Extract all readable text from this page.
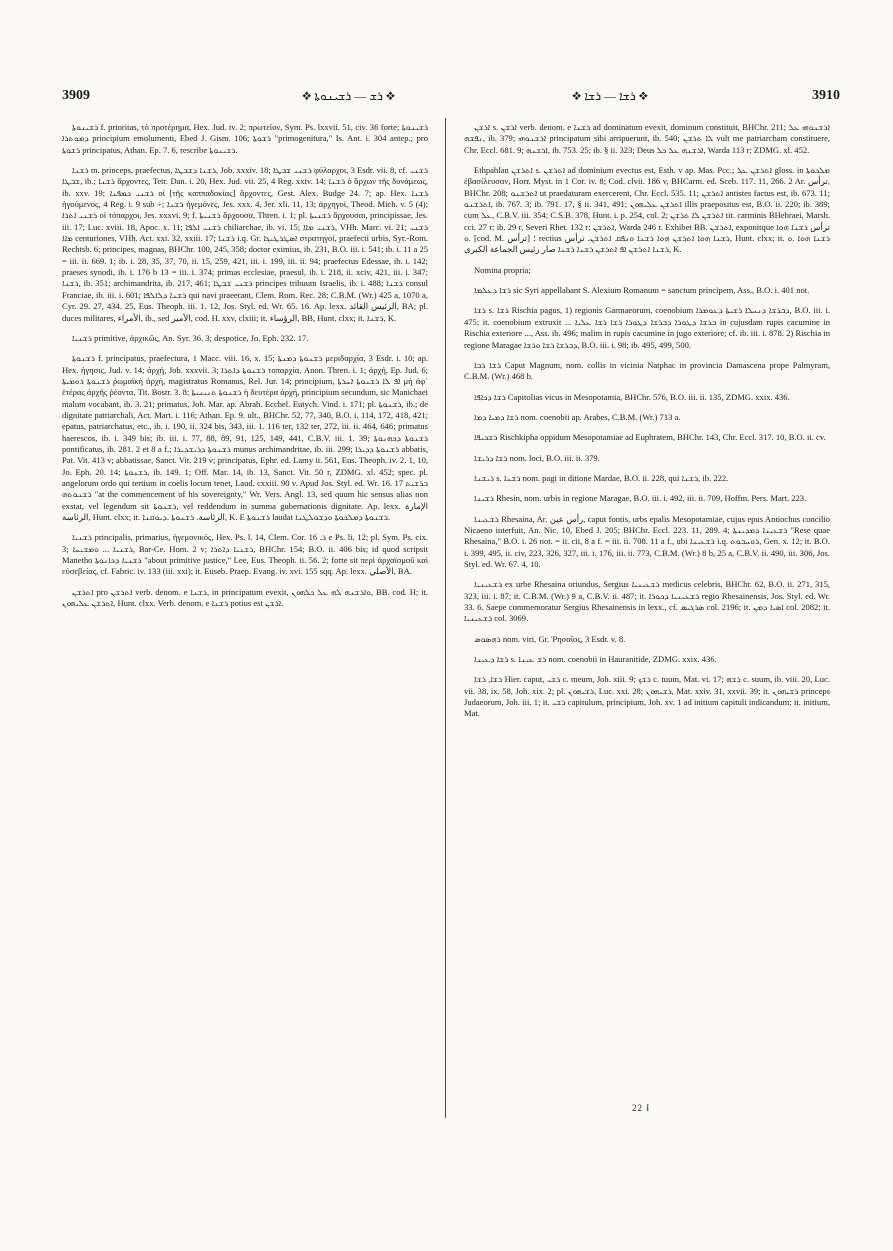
3909	❖ ܪܫ — ܪܫܝܢܘܬܐ ❖	❖ ܪܫܐ — ܪܫܐ ❖	3910

ܪܫܝܢܘܬܐ f. prioritas, τὸ προτέρημα, Hex. Jud. iv. 2; πρωτεῖον, Sym. Ps. lxxvii. 51, civ. 36 forte; ܪܫܝܢܘܬܐ ܕܡܘܬܪܐ principium emolumenti, Ebed J. Gism. 106; ܪܫܘܬܐ "primogenitura," Is. Ant. i. 304 antep.; pro ܪܫܘܬܐ principatus, Athan. Ep. 7. 6, rescribe ܪܫܝܢܘܬܐ.

ܪܫܢܐ m. princeps, praefectus, ܪܫܢܐ ܕܫܒܛܐ, Job. xxxiv. 18; ܪܫܢܝ ܫܒܛܐ φύλαρχοι, 3 Esdr. vii. 8, cf. ܪܫܢܝ ܫܒܛܐ, ib.; ܪܫܢܐ ἄρχοντες, Tetr. Dan. i. 20, Hex. Jud. vii. 25, 4 Reg. xxiv. 14; ܪܫܢܐ ὁ ἄρχων τῆς δυνάμεως, ib. xxv. 19; ܪܫܢܝ ܟܡܦܢܐ οἱ [τῆς καππαδοκίας] ἄρχοντες, Gest. Alex. Budge 24. 7; ap. Hex. ܪܫܢܐ ἡγούμενος, 4 Reg. i. 9 sub ÷; ܪܫܢܐ ἡγεμόνες, Jes. xxx. 4, Jer. xli. 11, 13; ἀρχηγοί, Theod. Mich. v. 5 (4); ܪܫܢܝ ܐܬܪܐ οἱ τόπαρχοι, Jes. xxxvi. 9; f. ܪܫܢܝܬܐ ἄρχουσα, Thren. i. 1; pl. ܪܫܢܝܬܐ ἄρχουσαι, principissae, Jes. iii. 17; Luc. xviii. 18, Apoc. x. 11; ܪܫܢܝ ܐܠܦܐ chiliarchae, ib. vi. 15; ܪܫܢܝ ܡܐܐ, VHh. Marc. vi. 21; ܪܫܢܝ ܡܐܐ centuriones, VHh. Act. xxi. 32, xxiii. 17; ܪܫܢܐ i.q. Gr. ܐܣܛܪܛܝܓܐ στρατηγοί, praefecti urbis, Syr.-Rom. Rechtsb. 6; principes, magnas, BHChr. 100, 245, 358; doctor eximius, ib. 231, B.O. iii. i. 541; ib. i. 11 a 25 = iii. ii. 669. 1; ib. i. 28, 35, 37, 70, ii. 15, 259, 421, iii. i. 199, iii. ii. 94; praefectus Edessae, ib. i. 142; praeses synodi, ib. i. 176 b 13 = iii. i. 374; primas ecclesiae, praesul, ib. i. 218, ii. xciv, 421, iii. i. 347; ܪܫܢܐ, ib. 351; archimandrita, ib. 217, 461; ܪܫܢܝ ܫܒܛܐ principes tribuum Israelis, ib. i. 488; ܪܫܢܐ consul Franciae, ib. iii. i. 601; ܪܫܢܐ ܕܠܐܠܦܐ qui navi praeerant, Clem. Rom. Rec. 28; C.B.M. (Wr.) 425 a, 1070 a, Cyr. 29. 27, 434. 25, Eus. Theoph. iii. 1. 12, Jos. Styl. ed. Wr. 65. 16. Ap. lexx. الرئيس القائد, BA; pl. duces militares, الأمراء, ib., sed الأمير, cod. H. xxv, clxiii; it. الرؤساء, BB, Hunt. clxx; it. ܪܫܢܐ, K.

ܪܫܢܝܐ primitive, ἀρχικῶς, An. Syr. 36. 3; despotice, Jo. Eph. 232. 17.

ܪܫܢܘܬܐ f. principatus, praefectura, 1 Macc. viii. 16, x. 15; ܪܫܢܘܬܐ ܕܡܢܬܐ μεριδαρχία, 3 Esdr. i. 10; ap. Hex. ἡγησις, Jud. v. 14; ἀρχή, Job. xxxvii. 3; ܪܫܢܘܬܐ ܕܐܬܪܐ τοπαρχία, Anon. Thren. i. 1; ἀρχή, Ep. Jud. 6; ܪܫܢܘܬܐ ܪܘܡܝܬܐ ῥωμαϊκὴ ἀρχή, magistratus Romanus, Rel. Jur. 14; principium, ܐܦ ܠܐ ܪܫܢܘܬܐ ܐܚܪܬܐ μὴ ἀφ᾽ ἑτέρας ἀρχῆς ῥέοντα, Tit. Bostr. 3. 8; ܪܫܢܘܬܐ ܬܢܝܢܝܬܐ ἡ δευτέρα ἀρχή, principium secundum, sic Manichaei malum vocabant, ib. 3. 21; primatus, Joh. Mar. ap. Abrah. Ecchel. Eutych. Vind. i. 171; pl. ܪܫܢܘܬܐ, ib.; de dignitate patriarchali, Act. Mart. i. 116; Athan. Ep. 9. ult., BHChr. 52, 77, 340, B.O. i. 114, 172, 418, 421; epatus, patriarchatus, etc., ib. i. 190, ii. 324 bis, 343, iii. 1. 116 ter, 132 ter, 272, iii. ii. 464, 646; primatus haerescos, ib. i. 349 bis; ib. iii. i. 77, 88, 89, 91, 125, 149, 441, C.B.V. iii. 1. 39; ܪܫܢܘܬܐ ܕܟܗܢܘܬܐ pontificatus, ib. 281. 2 et 8 a f.; ܪܫܢܘܬܐ ܕܪܝܫܕܝܪܐ munus archimandritae, ib. iii. 299; ܪܫܢܘܬܐ ܕܕܝܪܐ abbatis, Pat. Vit. 413 v; abbatissae, Sanct. Vit. 219 v; principatus, Ephr. ed. Lamy ii. 561, Eus. Theoph. iv. 2. 1, 10, Jo. Eph. 20. 14; ܪܫܢܘܬܐ, ib. 149. 1; Off. Mar. 14, ib. 13, Sanct. Vit. 50 r, ZDMG. xl. 452; spec. pl. angelorum ordo qui tertium in coelis locum tenet, Laud. cxxiii. 90 v. Apud Jos. Styl. ed. Wr. 16. 17 ܒܪܫܝܬ ܪܫܢܘܬܗ "at the commencement of his sovereignty," Wr. Vers. Angl. 13, sed quum hic sensus alias non exstat, vel legendum sit ܪܫܢܘܬܐ, vel reddendum in summa gubernationis dignitate. Ap. lexx. الإمارة الرئاسة, Hunt. clxx; it. الرئاسة. ܪܫܢܘܬܐ .ܕܝܘܩܢܐ, K. E ܪܫܢܘܬܐ laudat ܪܫܢܘܬܐ ܕܡܠܟܘܬܐ ܘܕܫܘܠܛܢܐ.

ܪܫܢܝܐ principalis, primarius, ἡγεμονικός, Hex. Ps. l. 14, Clem. Cor. ܪ. 16 e Ps. li. 12; pl. Sym. Ps. cix. 3; ܪܫܢܝܐ ... ܘܡܫܝܚܐ, Bar-Ce. Hom. 2 v; ܪܫܢܝܐ ܕܐܬܪܐ, BHChr. 154; B.O. ii. 406 bis; id quod scripsit Manetho ܪܫܢܝܐ ܕܟܐܢܘܬܐ "about primitive justice," Lee, Eus. Theoph. ii. 56. 2; forte sit περὶ ἀρχαϊσμοῦ καὶ εὐσεβείας, cf. Fabric. iv. 133 (iii. xxi); it. Euseb. Praep. Evang. iv. xvi. 155 sqq. Ap. lexx. الأصلي, BA.

ܐܬܪܫܢ pro ܐܬܪܫܢ verb. denom. e ܪܫܢܐ, in principatum evexit, ܘܐܪܫܢܗ ܠܗ ܥܠ ܟܠܗܘܢ, BB. cod. H; it. ܐܬܪܫܢ ܥܠܝܗܘܢ, Hunt. clxx. Verb. denom. e ܪܫܢܐ potius est ܐܪܫܢ.

ܐܪܫܢ s. ܐܪܫܢ verb. denom. e ܪܫܢܐ ad dominatum evexit, dominum constituit, BHChr. 211; ܐܪܫܢܘܗܝ ܥܠ ܢܦܫܗ, ib. 379; ܐܪܫܢܘܗܝ principatum sibi arripuerunt, ib. 540; ܠܐ ܬܪܫܢ vult me patriarcham constituere, Chr. Eccl. 681. 9; ܐܪܫܢܗ, ib. 753. 25; ib. § ii. 323; Deus ܐܪܫܢܗ ܥܠ ܟܠ, Warda 113 r; ZDMG. xl. 452.

Ethpahlan ܐܬܪܫܢ s. ܐܬܪܫܢ ad dominium evectus est, Esth. v ap. Mas. Pcc.; ܐܬܪܫܢ ܥܠ gloss. in ܡܠܟܘܬܐ ἐβασίλευσαν, Horr. Myst. in 1 Cor. iv. 8; Cod. clvii. 186 v, BHCarm. ed. Sceb. 117. 11, 266. 2 Ar. ترأس, BHChr. 208; ܐܬܪܫܢܘ ut praedaturam exercerent, Chr. Eccl. 535. 11; ܐܬܪܫܢ antistes factus est, ib. 673. 11; ܐܬܪܫܢܘ, ib. 767. 3; ib. 791. 17, § ii. 341, 491; ܐܬܪܫܢ ܥܠܝܗܘܢ illis praepositus est, B.O. ii. 220; ib. 389; cum ܥܠ, C.B.V. iii. 354; C.S.B. 378, Hunt. i. p. 254, col. 2; ܐܬܪܫܢ ܠܐ ܬܪܫܢ tit. carminis BHebraei, Marsh. cci. 27 r; ib. 29 r, Severi Rhet. 132 r; ܐܬܪܫܢ, Warda 246 r. Exhibet BB. ܐܬܪܫܢ, exponitque ترأس ܪܫܢܐ ܗܘܐ .ܘ [cod. M. ترأس] ؛ rectius ܪܫܢܐ ܗܘܐ ܐܬܪܫܢ ܗܘܐ ܪܫܢܐ ܘܢܦܩ ܐܬܪܫܢ. ترأس, Hunt. clxx; it. ܪܫܢܐ ܗܘܐ .ܘ ܪܫܢܐ ܐܬܪܫܢ ܐܦ ܐܬܪܫܢ ܪܫܢܐ ܪܫܢܐ صار رئيس الجماعة الكبرى, K.

Nomina propria;

ܪܫܐ ܕܥܠܡܐ sic Syri appellabant S. Alexium Romanum = sanctum principem, Ass., B.O. i. 401 not.

ܪܫܐ s. ܪܫܐ Rischia pagus, 1) regionis Garmaeorum, coenobium ܕܒܪܫܐ ܕܢܚܠܐ ܪܫܝܬܐ ܕܥܘܡܪܐ, B.O. iii. i. 475; it. coenobium extruxit ... ܒܪܫܐ ܕܛܘܪܐ ܕܒܪܫܐ ܕܛܘܪܐ ܪܫܐ ܪܫܐ ܥܠܝܐ in cujusdam rupis cacumine in Rischia exteriore ..., Ass. ib. 496; malim in rupis cacumine in jugo exteriore; cf. ib. iii. i. 878. 2) Rischia in regione Maragae ܕܒܪܫܐ ܪܫܐ ܘܪܫܐ, B.O. iii. i. 98; ib. 495, 499, 500.

ܪܫܐ ܪܒܐ Caput Magnum, nom. collis in vicinia Natphac in provincia Damascena prope Palmyram, C.B.M. (Wr.) 468 b.

ܪܫܐ ܕܟܐܦܐ Capitolias vicus in Mesopotamia, BHChr. 576, B.O. iii. ii. 135, ZDMG. xxix. 436.

ܪܫܐ ܕܡܝܐ ܕܡܐ nom. coenobii ap. Arabes, C.B.M. (Wr.) 713 a.

ܪܫܟܝܦܐ Rischkipha oppidum Mesopotamiae ad Euphratem, BHChr. 143, Chr. Eccl. 317. 10, B.O. ii. cv.

ܪܫܐ ܕܪܝܫܐ nom. loci, B.O. iii. ii. 379.

ܪܝܫܢܐ s. ܪܫܢܐ nom. pagi in ditione Mardae, B.O. ii. 228, qui ܪܫܢܐ, ib. 222.

ܪܫܝܢܐ Rhesin, nom. urbis in regione Maragae, B.O. iii. i. 492, iii. ii. 709, Hoffm. Pers. Mart. 223.

ܪܫܥܝܢܐ Rhesaina, Ar. رأس عين, caput fontis, urbs epalis Mesopotamiae, cujus epus Antiochus concilio Nicaeno interfuit, An. Nic. 10, Ebed J. 205; BHChr. Eccl. 223. 11, 289. 4; ܪܫܥܝܢܐ ܕܡܕܝܢܬܐ "Rese quae Rhesaina," B.O. i. 26 not. = ii. cii, 8 a f. = iii. ii. 708. 11 a f., ubi ܪܫܥܝܢܐ i.q. ܪܘܚܒܘܬ, Gen. x. 12; it. B.O. i. 399, 495, ii. civ, 223, 326, 327, iii. i. 176, iii. ii. 773, C.B.M. (Wr.) 8 b, 25 a, C.B.V. ii. 490, iii. 306, Jos. Styl. ed. Wr. 67. 4, 10.

ܪܫܥܝܢܝܐ ex urbe Rhesaina oriundus, Sergius ܪܫܥܝܢܝܐ medicus celebris, BHChr. 62, B.O. ii. 271, 315, 323, iii. i. 87; it. C.B.M. (Wr.) 9 a, C.B.V. ii. 487; it. ܪܫܥܝܢܝܐ ܕܟܘܪܐ regio Rhesainensis, Jos. Styl. ed. Wr. 33. 6. Saepe commemoratur Sergius Rhesainensis in lexx., cf. ܣܪܓܝܣ col. 2196; it. ܐܣܝܐ ܕܡܢ col. 2082; it. ܪܫܥܝܢܝܐ col. 3069.

ܪܗܣܘܣ nom. viri, Gr. Ῥησαῖος, 3 Esdr. v. 8.

ܪܫܐ ܕܥܝܢܐ s. ܪܫ ܥܝܢܐ nom. coenobii in Hauranitide, ZDMG. xxix. 436.

ܪܫܐ, ܪܫܐ Hier. caput, ܪܫܝ c. meum, Joh. xiii. 9; ܪܫܟ c. tuum, Mat. vi. 17; ܪܫܗ c. suum, ib. viii. 20, Luc. vii. 38, ix. 58, Joh. xix. 2; pl. ܪܫܝܗܘܢ, Luc. xxi. 28; ܪܫܝܗܘܢ, Mat. xxiv. 31, xxvii. 39; it. ܪܫܝܗܘܢ princeps Judaeorum, Joh. iii. 1; it. ܪܫܝ capitulum, principium, Joh. xv. 1 ad initium capituli indicandum; it. initium, Mat.

22 I
